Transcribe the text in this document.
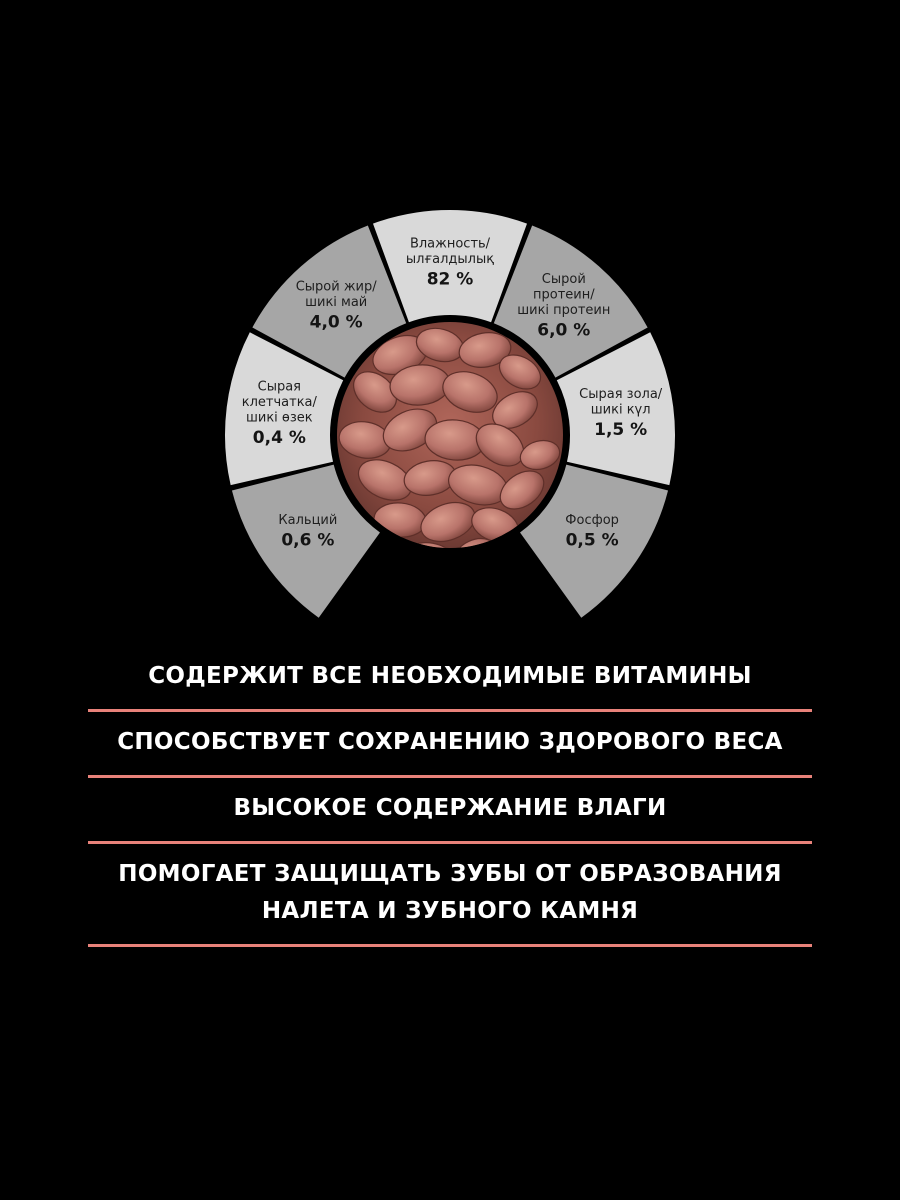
Кальций
0,6 %
Сырая клетчатка/ шикі өзек
0,4 %
Сырой жир/ шикі май
4,0 %
Влажность/ ылғалдылық
82 %	Сырой протеин/ шикі протеин
6,0 %
Сырая зола/ шикі күл
1,5 %
Фосфор
0,5 %
СОДЕРЖИТ ВСЕ НЕОБХОДИМЫЕ ВИТАМИНЫ
СПОСОБСТВУЕТ СОХРАНЕНИЮ ЗДОРОВОГО ВЕСА
ВЫСОКОЕ СОДЕРЖАНИЕ ВЛАГИ
ПОМОГАЕТ ЗАЩИЩАТЬ ЗУБЫ ОТ ОБРАЗОВАНИЯ
НАЛЕТА И ЗУБНОГО КАМНЯ
